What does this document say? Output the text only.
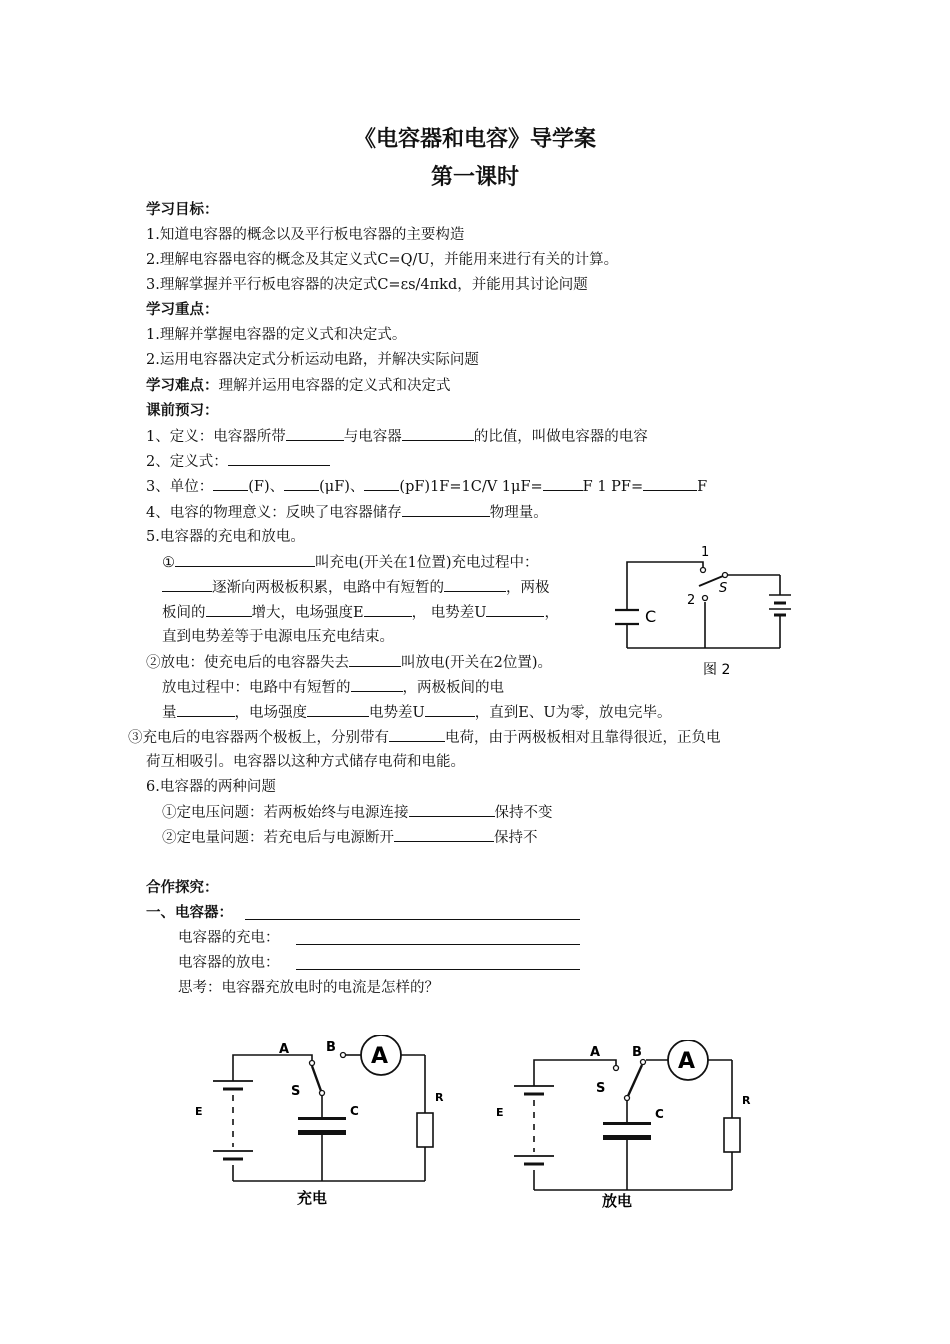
《电容器和电容》导学案
第一课时
学习目标：
1.知道电容器的概念以及平行板电容器的主要构造
2.理解电容器电容的概念及其定义式C=Q/U，并能用来进行有关的计算。
3.理解掌握并平行板电容器的决定式C=εs/4πkd，并能用其讨论问题
学习重点：
1.理解并掌握电容器的定义式和决定式。
2.运用电容器决定式分析运动电路，并解决实际问题
学习难点：理解并运用电容器的定义式和决定式
课前预习：
1、定义：电容器所带	与电容器	的比值，叫做电容器的电容
2、定义式：
3、单位： (F)、 (μF)、 (pF)1F=1C/V 1μF=	F 1 PF=	F
4、电容的物理意义：反映了电容器储存	物理量。
5.电容器的充电和放电。
①	叫充电(开关在1位置)充电过程中：
逐渐向两极板积累，电路中有短暂的	，两极
板间的	增大，电场强度E	， 电势差U	，
直到电势差等于电源电压充电结束。
②放电：使充电后的电容器失去	叫放电(开关在2位置)。
放电过程中：电路中有短暂的	，两极板间的电
量	，电场强度	电势差U	，直到E、U为零，放电完毕。
③充电后的电容器两个极板上，分别带有	电荷，由于两极板相对且靠得很近，正负电
荷互相吸引。电容器以这种方式储存电荷和电能。
6.电容器的两种问题
①定电压问题：若两板始终与电源连接	保持不变
②定电量问题：若充电后与电源断开	保持不
1
2
S
C
图 2
合作探究：
一、电容器：
电容器的充电：
电容器的放电：
思考：电容器充放电时的电流是怎样的？
A
A	B
S
C
E
R
充电
A
A B
S
C
E
R
放电
